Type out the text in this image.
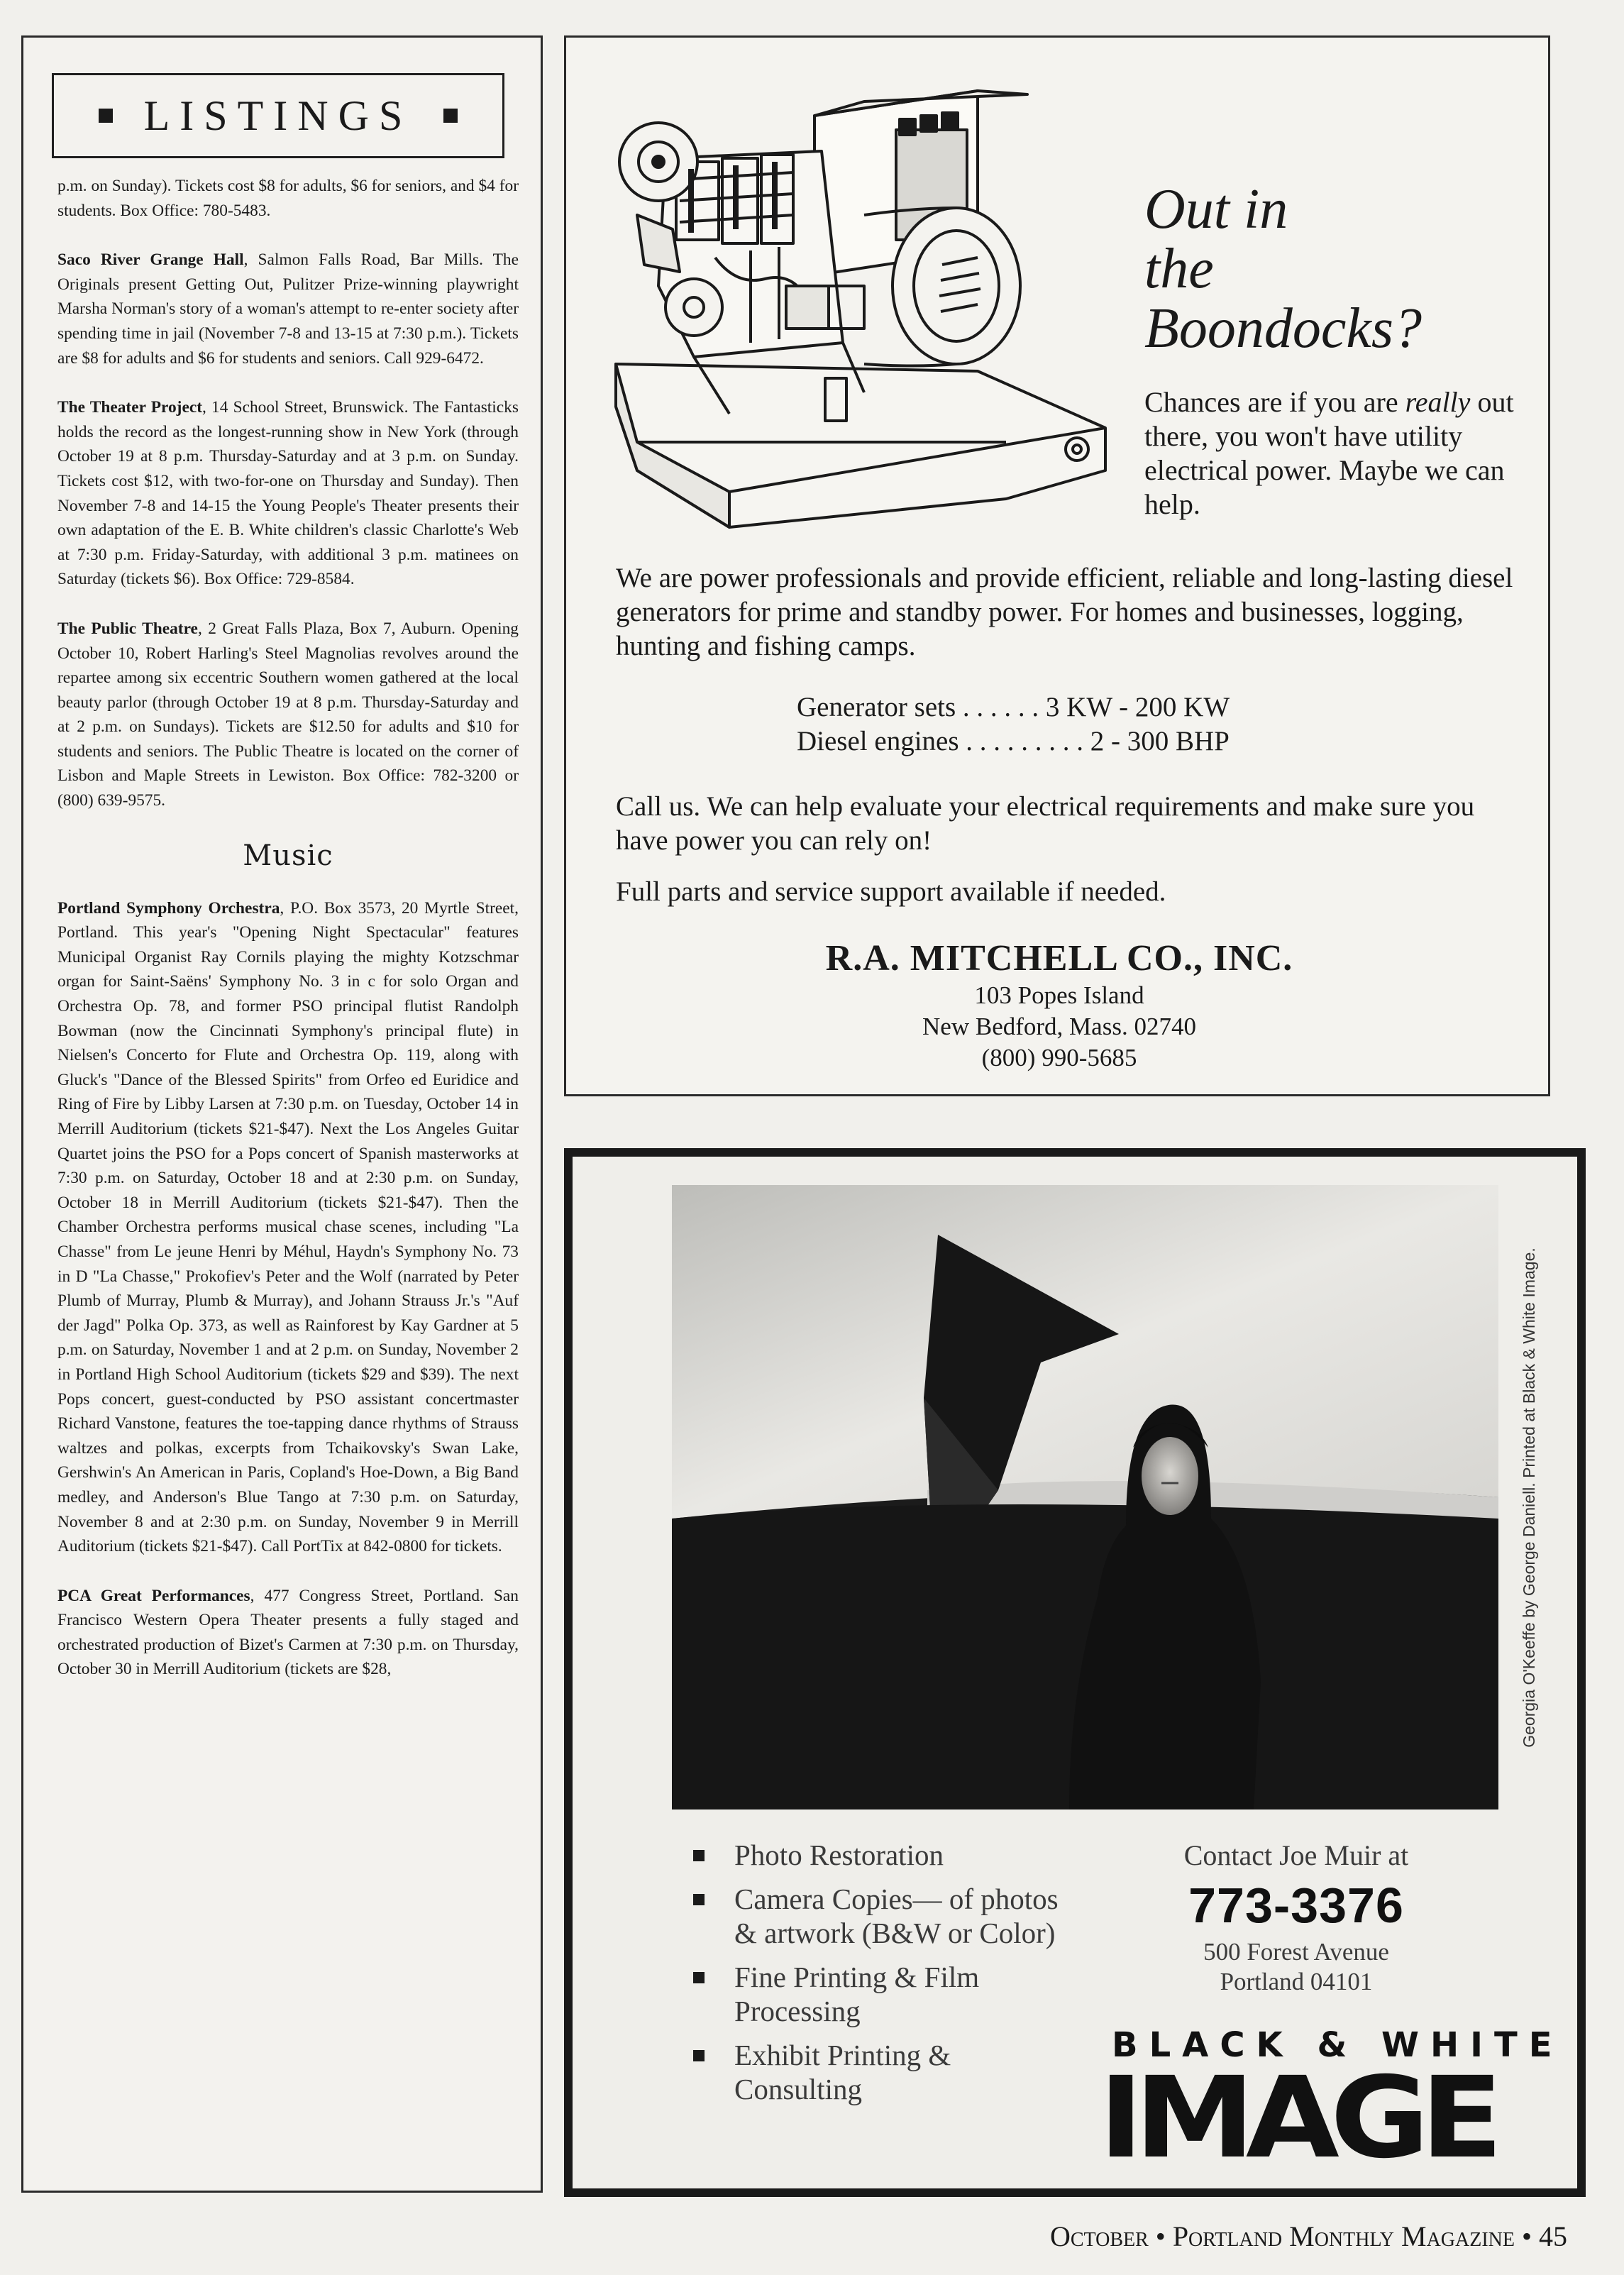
LISTINGS

p.m. on Sunday). Tickets cost $8 for adults, $6 for seniors, and $4 for students. Box Office: 780-5483.

Saco River Grange Hall, Salmon Falls Road, Bar Mills. The Originals present Getting Out, Pulitzer Prize-winning playwright Marsha Norman's story of a woman's attempt to re-enter society after spending time in jail (November 7-8 and 13-15 at 7:30 p.m.). Tickets are $8 for adults and $6 for students and seniors. Call 929-6472.

The Theater Project, 14 School Street, Brunswick. The Fantasticks holds the record as the longest-running show in New York (through October 19 at 8 p.m. Thursday-Saturday and at 3 p.m. on Sunday. Tickets cost $12, with two-for-one on Thursday and Sunday). Then November 7-8 and 14-15 the Young People's Theater presents their own adaptation of the E. B. White children's classic Charlotte's Web at 7:30 p.m. Friday-Saturday, with additional 3 p.m. matinees on Saturday (tickets $6). Box Office: 729-8584.

The Public Theatre, 2 Great Falls Plaza, Box 7, Auburn. Opening October 10, Robert Harling's Steel Magnolias revolves around the repartee among six eccentric Southern women gathered at the local beauty parlor (through October 19 at 8 p.m. Thursday-Saturday and at 2 p.m. on Sundays). Tickets are $12.50 for adults and $10 for students and seniors. The Public Theatre is located on the corner of Lisbon and Maple Streets in Lewiston. Box Office: 782-3200 or (800) 639-9575.

Music

Portland Symphony Orchestra, P.O. Box 3573, 20 Myrtle Street, Portland. This year's "Opening Night Spectacular" features Municipal Organist Ray Cornils playing the mighty Kotzschmar organ for Saint-Saëns' Symphony No. 3 in c for solo Organ and Orchestra Op. 78, and former PSO principal flutist Randolph Bowman (now the Cincinnati Symphony's principal flute) in Nielsen's Concerto for Flute and Orchestra Op. 119, along with Gluck's "Dance of the Blessed Spirits" from Orfeo ed Euridice and Ring of Fire by Libby Larsen at 7:30 p.m. on Tuesday, October 14 in Merrill Auditorium (tickets $21-$47). Next the Los Angeles Guitar Quartet joins the PSO for a Pops concert of Spanish masterworks at 7:30 p.m. on Saturday, October 18 and at 2:30 p.m. on Sunday, October 18 in Merrill Auditorium (tickets $21-$47). Then the Chamber Orchestra performs musical chase scenes, including "La Chasse" from Le jeune Henri by Méhul, Haydn's Symphony No. 73 in D "La Chasse," Prokofiev's Peter and the Wolf (narrated by Peter Plumb of Murray, Plumb & Murray), and Johann Strauss Jr.'s "Auf der Jagd" Polka Op. 373, as well as Rainforest by Kay Gardner at 5 p.m. on Saturday, November 1 and at 2 p.m. on Sunday, November 2 in Portland High School Auditorium (tickets $29 and $39). The next Pops concert, guest-conducted by PSO assistant concertmaster Richard Vanstone, features the toe-tapping dance rhythms of Strauss waltzes and polkas, excerpts from Tchaikovsky's Swan Lake, Gershwin's An American in Paris, Copland's Hoe-Down, a Big Band medley, and Anderson's Blue Tango at 7:30 p.m. on Saturday, November 8 and at 2:30 p.m. on Sunday, November 9 in Merrill Auditorium (tickets $21-$47). Call PortTix at 842-0800 for tickets.

PCA Great Performances, 477 Congress Street, Portland. San Francisco Western Opera Theater presents a fully staged and orchestrated production of Bizet's Carmen at 7:30 p.m. on Thursday, October 30 in Merrill Auditorium (tickets are $28,

Out in
the
Boondocks?
Chances are if you are really out there, you won't have utility electrical power. Maybe we can help.
We are power professionals and provide efficient, reliable and long-lasting diesel generators for prime and standby power. For homes and businesses, logging, hunting and fishing camps.
Generator sets . . . . . . 3 KW - 200 KW
Diesel engines . . . . . . . . . 2 - 300 BHP
Call us. We can help evaluate your electrical requirements and make sure you have power you can rely on!
Full parts and service support available if needed.
R.A. MITCHELL CO., INC.
103 Popes Island
New Bedford, Mass. 02740
(800) 990-5685
Georgia O'Keeffe by George Daniell. Printed at Black & White Image.
Photo Restoration
Camera Copies— of photos & artwork (B&W or Color)
Fine Printing & Film Processing
Exhibit Printing & Consulting
Contact Joe Muir at
773-3376
500 Forest Avenue
Portland 04101
BLACK & WHITE
IMAGE
October • Portland Monthly Magazine • 45
